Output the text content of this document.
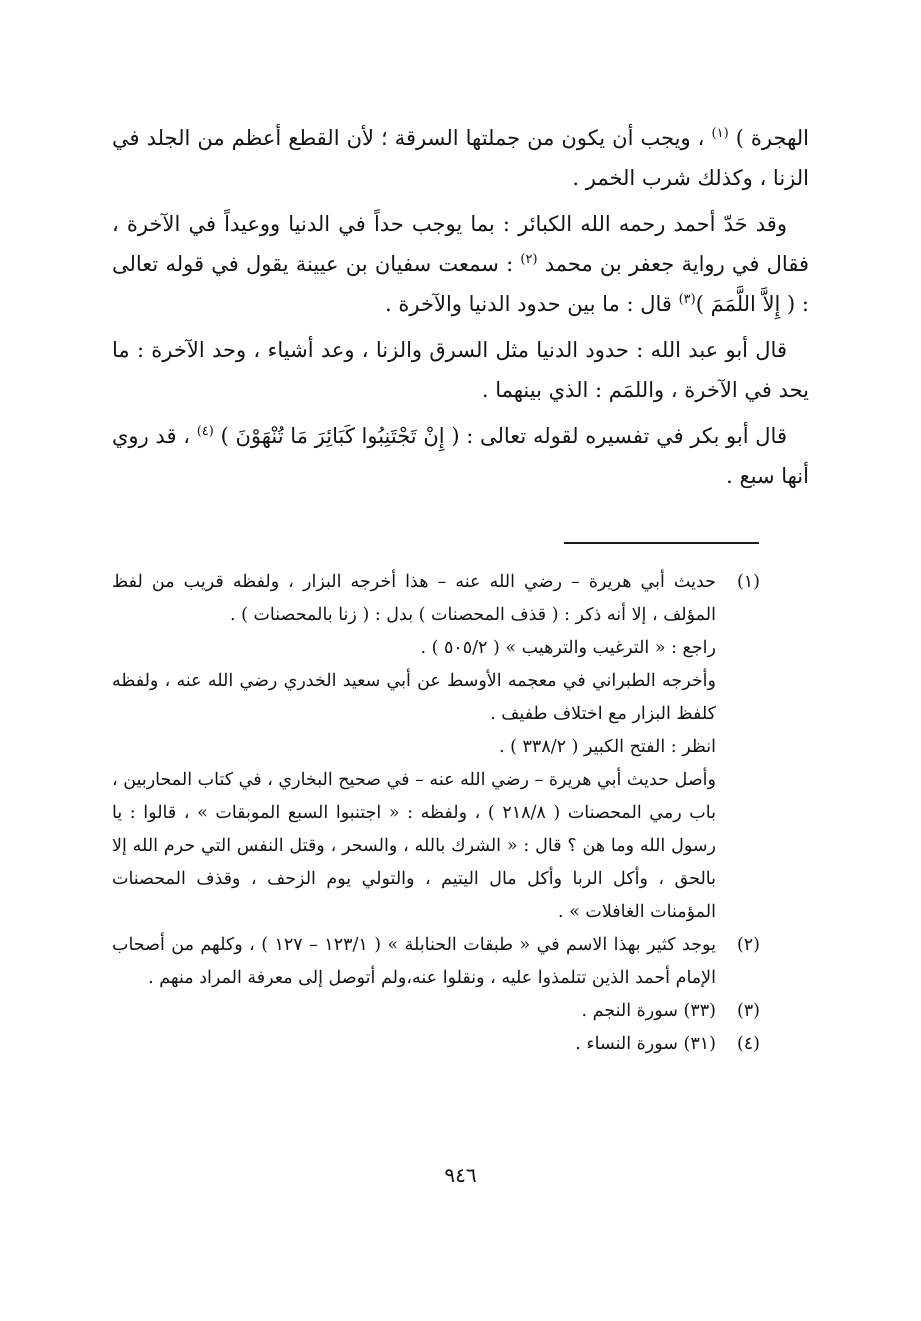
الهجرة ) $^{(١)}$ ، ويجب أن يكون من جملتها السرقة ؛ لأن القطع أعظم من الجلد في الزنا ، وكذلك شرب الخمر .

وقد حَدّ أحمد رحمه الله الكبائر : بما يوجب حداً في الدنيا ووعيداً في الآخرة ، فقال في رواية جعفر بن محمد $^{(٢)}$ : سمعت سفيان بن عيينة يقول في قوله تعالى : ( إِلاَّ اللَّمَمَ )$^{(٣)}$ قال : ما بين حدود الدنيا والآخرة .

قال أبو عبد الله : حدود الدنيا مثل السرق والزنا ، وعد أشياء ، وحد الآخرة : ما يحد في الآخرة ، واللمَم : الذي بينهما .

قال أبو بكر في تفسيره لقوله تعالى : ( إِنْ تَجْتَنِبُوا كَبَائِرَ مَا تُنْهَوْنَ ) $^{(٤)}$ ، قد روي أنها سبع .

(١)
حديث أبي هريرة – رضي الله عنه – هذا أخرجه البزار ، ولفظه قريب من لفظ المؤلف ، إلا أنه ذكر : ( قذف المحصنات ) بدل : ( زنا بالمحصنات ) .
راجع : « الترغيب والترهيب » ( ٥٠٥/٢ ) .
وأخرجه الطبراني في معجمه الأوسط عن أبي سعيد الخدري رضي الله عنه ، ولفظه كلفظ البزار مع اختلاف طفيف .
انظر : الفتح الكبير ( ٣٣٨/٢ ) .
وأصل حديث أبي هريرة – رضي الله عنه – في صحيح البخاري ، في كتاب المحاربين ، باب رمي المحصنات ( ٢١٨/٨ ) ، ولفظه : « اجتنبوا السبع الموبقات » ، قالوا : يا رسول الله وما هن ؟ قال : « الشرك بالله ، والسحر ، وقتل النفس التي حرم الله إلا بالحق ، وأكل الربا وأكل مال اليتيم ، والتولي يوم الزحف ، وقذف المحصنات المؤمنات الغافلات » .
(٢)
يوجد كثير بهذا الاسم في « طبقات الحنابلة » ( ١٢٣/١ – ١٢٧ ) ، وكلهم من أصحاب الإمام أحمد الذين تتلمذوا عليه ، ونقلوا عنه،ولم أتوصل إلى معرفة المراد منهم .
(٣)
(٣٣) سورة النجم .
(٤)
(٣١) سورة النساء .
٩٤٦
